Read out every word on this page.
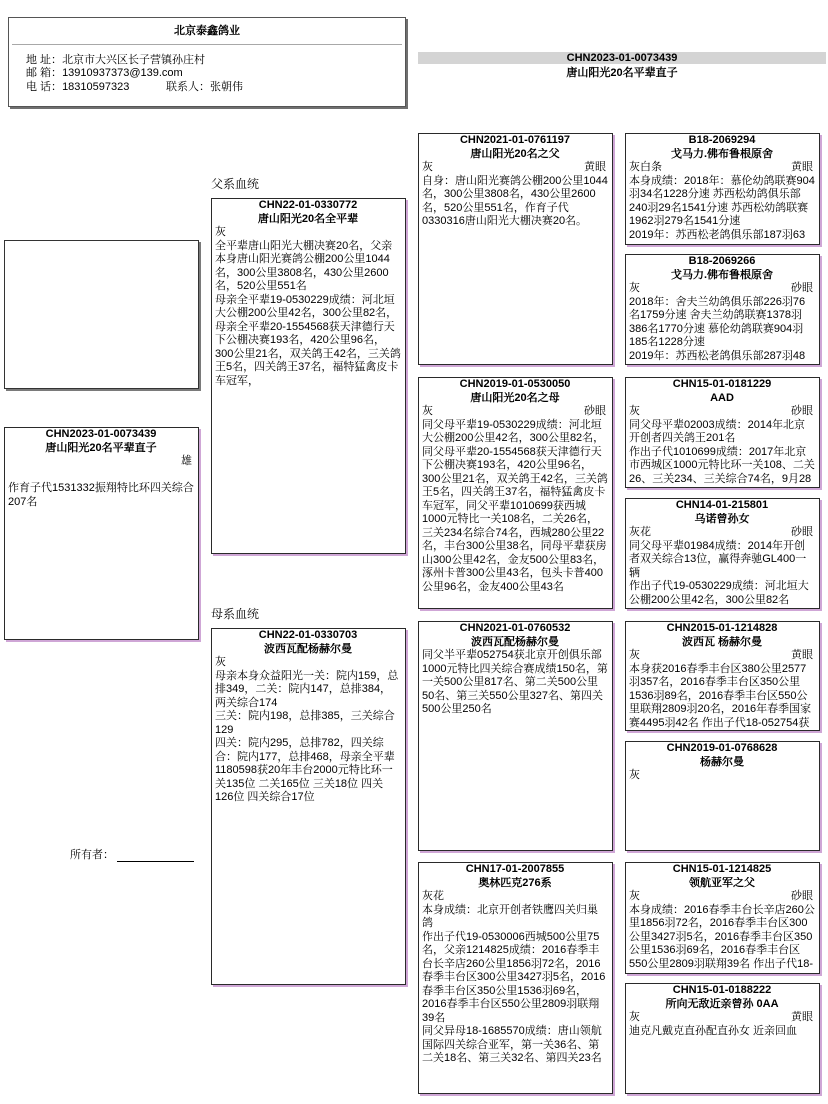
北京泰鑫鸽业
地 址：北京市大兴区长子营镇孙庄村
邮 箱：13910937373@139.com
电 话：18310597323	联系人：张朝伟
CHN2023-01-0073439
唐山阳光20名平辈直子
CHN2023-01-0073439
唐山阳光20名平辈直子
雄
作育子代1531332振翔特比环四关综合207名
所有者：
父系血统
母系血统
CHN22-01-0330772
唐山阳光20名全平辈
灰
全平辈唐山阳光大棚决赛20名，父亲本身唐山阳光赛鸽公棚200公里1044名，300公里3808名，430公里2600名，520公里551名
母亲全平辈19-0530229成绩：河北垣大公棚200公里42名，300公里82名，母亲全平辈20-1554568获天津德行天下公棚决赛193名，420公里96名，300公里21名，双关鸽王42名，三关鸽王5名，四关鸽王37名，福特猛禽皮卡车冠军，
CHN22-01-0330703
波西瓦配杨赫尔曼
灰
母亲本身众益阳光一关：院内159，总排349，二关：院内147，总排384，
两关综合174
三关：院内198，总排385，三关综合129
四关：院内295，总排782，四关综合：院内177，总排468，母亲全平辈1180598获20年丰台2000元特比环一关135位 二关165位 三关18位 四关126位 四关综合17位
CHN2021-01-0761197
唐山阳光20名之父
灰	黄眼
自身：唐山阳光赛鸽公棚200公里1044名，300公里3808名，430公里2600名，520公里551名，作育子代0330316唐山阳光大棚决赛20名。
CHN2019-01-0530050
唐山阳光20名之母
灰	砂眼
同父母平辈19-0530229成绩：河北垣大公棚200公里42名，300公里82名，同父母平辈20-1554568获天津德行天下公棚决赛193名，420公里96名，300公里21名，双关鸽王42名，三关鸽王5名，四关鸽王37名，福特猛禽皮卡车冠军，同父平辈1010699获西城1000元特比一关108名，二关26名，三关234名综合74名，西城280公里22名，丰台300公里38名，同母平辈获房山300公里42名，金友500公里83名，涿州卡普300公里43名，包头卡普400公里96名，金友400公里43名
CHN2021-01-0760532
波西瓦配杨赫尔曼
同父半平辈052754获北京开创俱乐部1000元特比四关综合赛成绩150名，第一关500公里817名、第二关500公里50名、第三关550公里327名、第四关500公里250名
CHN17-01-2007855
奥林匹克276系
灰花
本身成绩：北京开创者铁鹰四关归巢鸽
作出子代19-0530006西城500公里75名，父亲1214825成绩：2016春季丰台长辛店260公里1856羽72名，2016春季丰台区300公里3427羽5名，2016春季丰台区350公里1536羽69名，2016春季丰台区550公里2809羽联翔39名
同父异母18-1685570成绩：唐山领航国际四关综合亚军，第一关36名、第二关18名、第三关32名、第四关23名
B18-2069294
戈马力.佛布鲁根原舍
灰白条	黄眼
本身成绩：2018年：慕伦幼鸽联赛904羽34名1228分速 苏西松幼鸽俱乐部240羽29名1541分速 苏西松幼鸽联赛1962羽279名1541分速
2019年：苏西松老鸽俱乐部187羽63
B18-2069266
戈马力.佛布鲁根原舍
灰	砂眼
2018年：舍夫兰幼鸽俱乐部226羽76名1759分速 舍夫兰幼鸽联赛1378羽386名1770分速 慕伦幼鸽联赛904羽185名1228分速
2019年：苏西松老鸽俱乐部287羽48
CHN15-01-0181229
AAD
灰	砂眼
同父母平辈02003成绩：2014年北京开创者四关鸽王201名
作出子代1010699成绩：2017年北京市西城区1000元特比环一关108、二关26、三关234、三关综合74名，9月28
CHN14-01-215801
乌诺曾孙女
灰花	砂眼
同父母平辈01984成绩：2014年开创者双关综合13位，赢得奔驰GL400一辆
作出子代19-0530229成绩：河北垣大公棚200公里42名，300公里82名
CHN2015-01-1214828
波西瓦 杨赫尔曼
灰	黄眼
本身获2016春季丰台区380公里2577羽357名，2016春季丰台区350公里1536羽89名，2016春季丰台区550公里联翔2809羽20名，2016年春季国家赛4495羽42名 作出子代18-052754获
CHN2019-01-0768628
杨赫尔曼
灰
CHN15-01-1214825
领航亚军之父
灰	砂眼
本身成绩：2016春季丰台长辛店260公里1856羽72名，2016春季丰台区300公里3427羽5名，2016春季丰台区350公里1536羽69名，2016春季丰台区550公里2809羽联翔39名 作出子代18-
CHN15-01-0188222
所向无敌近亲曾孙 0AA
灰	黄眼
迪克凡戴克直孙配直孙女 近亲回血
